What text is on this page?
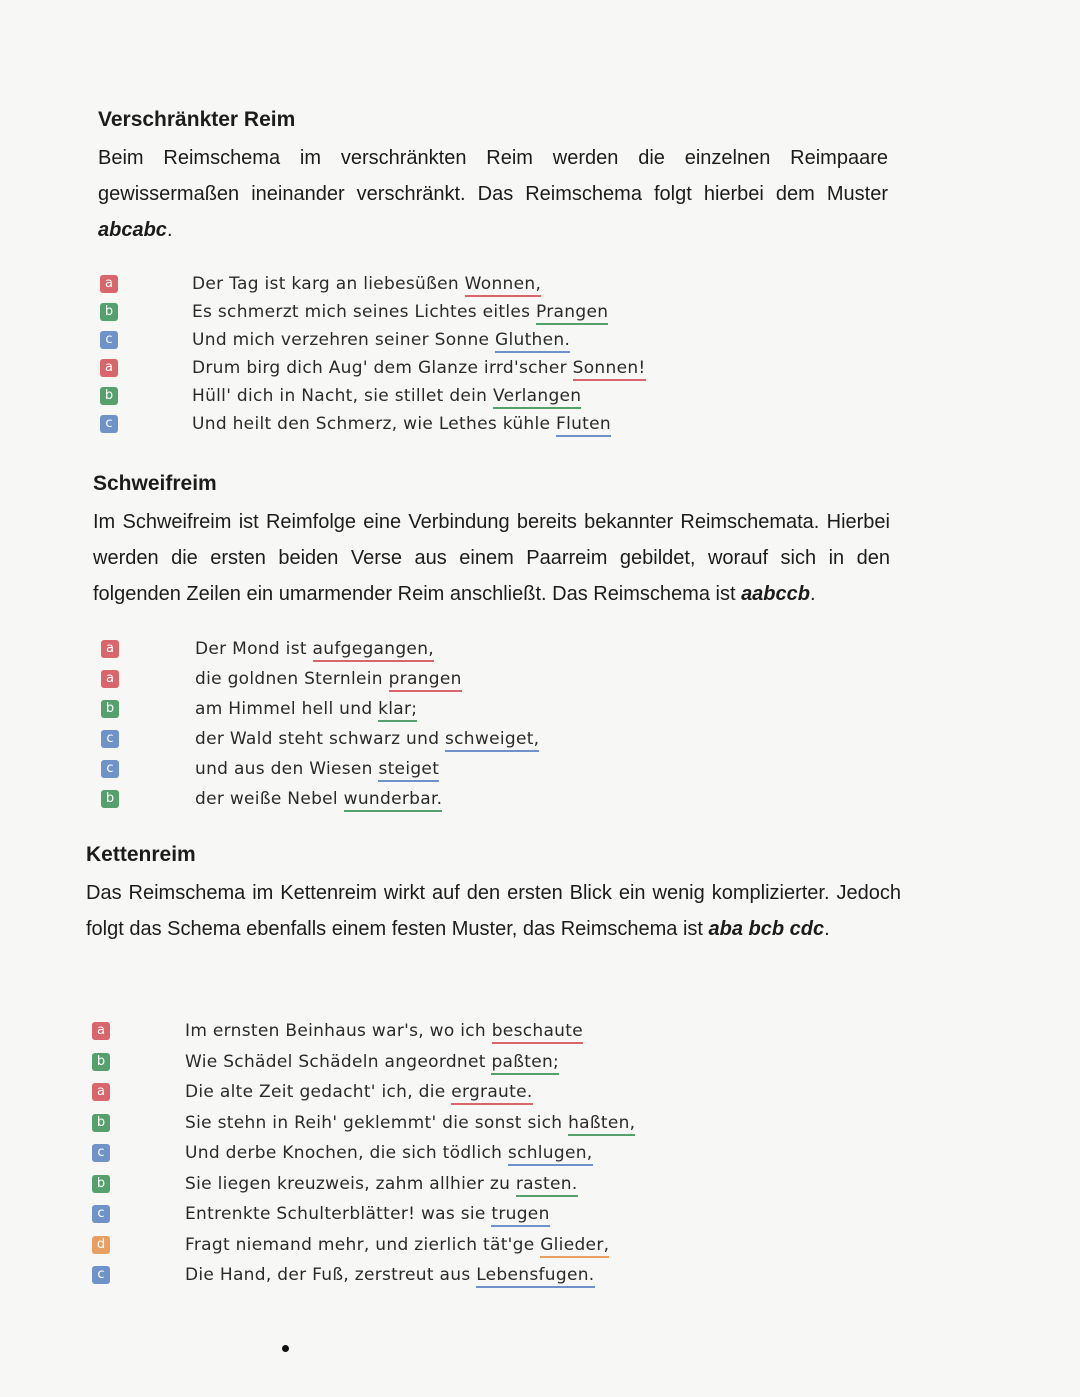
Verschränkter Reim

Beim Reimschema im verschränkten Reim werden die einzelnen Reimpaare gewissermaßen ineinander verschränkt. Das Reimschema folgt hierbei dem Muster abcabc.

a	Der Tag ist karg an liebesüßen Wonnen,
b	Es schmerzt mich seines Lichtes eitles Prangen
c	Und mich verzehren seiner Sonne Gluthen.
a	Drum birg dich Aug' dem Glanze irrd'scher Sonnen!
b	Hüll' dich in Nacht, sie stillet dein Verlangen
c	Und heilt den Schmerz, wie Lethes kühle Fluten
Schweifreim

Im Schweifreim ist Reimfolge eine Verbindung bereits bekannter Reimschemata. Hierbei werden die ersten beiden Verse aus einem Paarreim gebildet, worauf sich in den folgenden Zeilen ein umarmender Reim anschließt. Das Reimschema ist aabccb.

a	Der Mond ist aufgegangen,
a	die goldnen Sternlein prangen
b	am Himmel hell und klar;
c	der Wald steht schwarz und schweiget,
c	und aus den Wiesen steiget
b	der weiße Nebel wunderbar.
Kettenreim

Das Reimschema im Kettenreim wirkt auf den ersten Blick ein wenig komplizierter. Jedoch folgt das Schema ebenfalls einem festen Muster, das Reimschema ist aba bcb cdc.

a	Im ernsten Beinhaus war's, wo ich beschaute
b	Wie Schädel Schädeln angeordnet paßten;
a	Die alte Zeit gedacht' ich, die ergraute.
b	Sie stehn in Reih' geklemmt' die sonst sich haßten,
c	Und derbe Knochen, die sich tödlich schlugen,
b	Sie liegen kreuzweis, zahm allhier zu rasten.
c	Entrenkte Schulterblätter! was sie trugen
d	Fragt niemand mehr, und zierlich tät'ge Glieder,
c	Die Hand, der Fuß, zerstreut aus Lebensfugen.
